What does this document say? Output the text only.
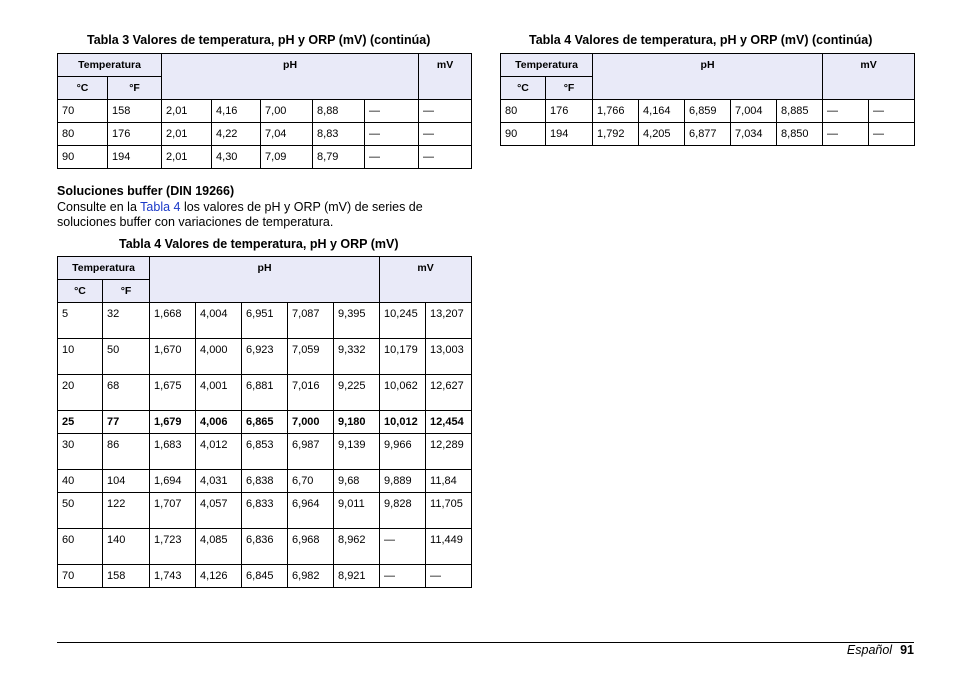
Tabla 3 Valores de temperatura, pH y ORP (mV) (continúa)
Temperatura		pH					mV
°C	°F						
70	158	2,01	4,16	7,00	8,88	—	—
80	176	2,01	4,22	7,04	8,83	—	—
90	194	2,01	4,30	7,09	8,79	—	—
Tabla 4 Valores de temperatura, pH y ORP (mV) (continúa)
Temperatura		pH					mV	
°C	°F							
80	176	1,766	4,164	6,859	7,004	8,885	—	—
90	194	1,792	4,205	6,877	7,034	8,850	—	—
Soluciones buffer (DIN 19266)
Consulte en la Tabla 4 los valores de pH y ORP (mV) de series de soluciones buffer con variaciones de temperatura.
Tabla 4 Valores de temperatura, pH y ORP (mV)
Temperatura		pH					mV	
°C	°F							
5	32	1,668	4,004	6,951	7,087	9,395	10,245	13,207
10	50	1,670	4,000	6,923	7,059	9,332	10,179	13,003
20	68	1,675	4,001	6,881	7,016	9,225	10,062	12,627
25	77	1,679	4,006	6,865	7,000	9,180	10,012	12,454
30	86	1,683	4,012	6,853	6,987	9,139	9,966	12,289
40	104	1,694	4,031	6,838	6,70	9,68	9,889	11,84
50	122	1,707	4,057	6,833	6,964	9,011	9,828	11,705
60	140	1,723	4,085	6,836	6,968	8,962	—	11,449
70	158	1,743	4,126	6,845	6,982	8,921	—	—
Español 91
